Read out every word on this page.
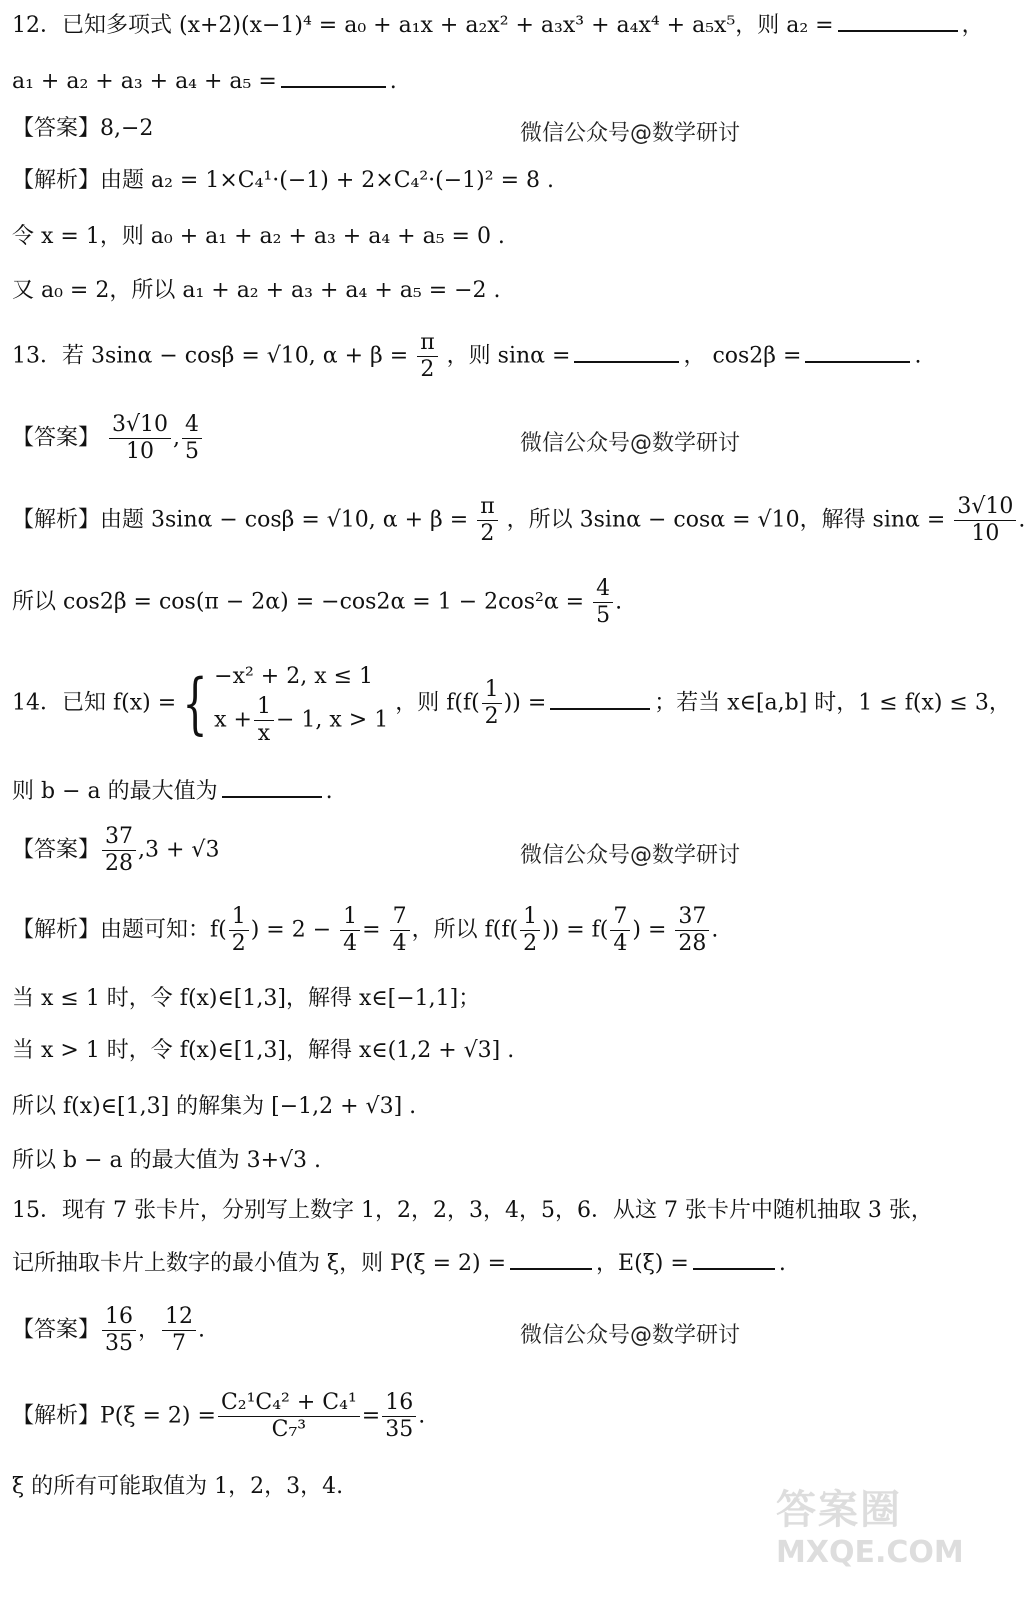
12．已知多项式 (x+2)(x−1)⁴ = a₀ + a₁x + a₂x² + a₃x³ + a₄x⁴ + a₅x⁵，则 a₂ =	，
a₁ + a₂ + a₃ + a₄ + a₅ =	.
【答案】8,−2	微信公众号@数学研讨
【解析】由题 a₂ = 1×C₄¹·(−1) + 2×C₄²·(−1)² = 8 .
令 x = 1，则 a₀ + a₁ + a₂ + a₃ + a₄ + a₅ = 0 .
又 a₀ = 2，所以 a₁ + a₂ + a₃ + a₄ + a₅ = −2 .
13．若 3sinα − cosβ = √10, $\alpha + \beta = \frac{\pi}{2}$ ，则 sinα =	， cos2β =	.
【答案】 $\frac{3√10}{10}$ , $\frac{4}{5}$	微信公众号@数学研讨
【解析】由题 3sinα − cosβ = √10, $\alpha + \beta = \frac{\pi}{2}$ ，所以 3sinα − cosα = √10，解得 $\sin\alpha = \frac{3√10}{10}$ .
所以 $\cos 2\beta = \cos(\pi - 2\alpha) = -\cos 2\alpha = 1 - 2\cos^2\alpha = \frac{4}{5}$ .
14．已知 f(x) ={ −x² + 2, x ≤ 1
$x + \frac{1}{x} - 1$, x > 1
，则 $f(f( \frac{1}{2}$ )) =	；若当 x∈[a,b] 时，1 ≤ f(x) ≤ 3，
则 b − a 的最大值为	.
【答案】 $\frac{37}{28} ,3 + √3$	微信公众号@数学研讨
【解析】由题可知：$f( \frac{1}{2}$ ) = $2 - \frac{1}{4} = \frac{7}{4}$ ，所以 $f(f( \frac{1}{2}$ )) = $f( \frac{7}{4}$ ) = $\frac{37}{28}$ .
当 x ≤ 1 时，令 f(x)∈[1,3]，解得 x∈[−1,1]；
当 x > 1 时，令 f(x)∈[1,3]，解得 x∈(1,2 + √3] .
所以 f(x)∈[1,3] 的解集为 [−1,2 + √3] .
所以 b − a 的最大值为 3+√3 .
15．现有 7 张卡片，分别写上数字 1，2，2，3，4，5，6．从这 7 张卡片中随机抽取 3 张，
记所抽取卡片上数字的最小值为 ξ，则 P(ξ = 2) =	，E(ξ) =	.
【答案】 $\frac{16}{35}$ ， $\frac{12}{7}$ .	微信公众号@数学研讨
【解析】$P(\xi = 2) = \frac{\text{C₂¹C₄² + C₄¹}}{\text{C₇³}} = \frac{16}{35}$ .
ξ 的所有可能取值为 1，2，3，4.
答案圈
MXQE.COM
